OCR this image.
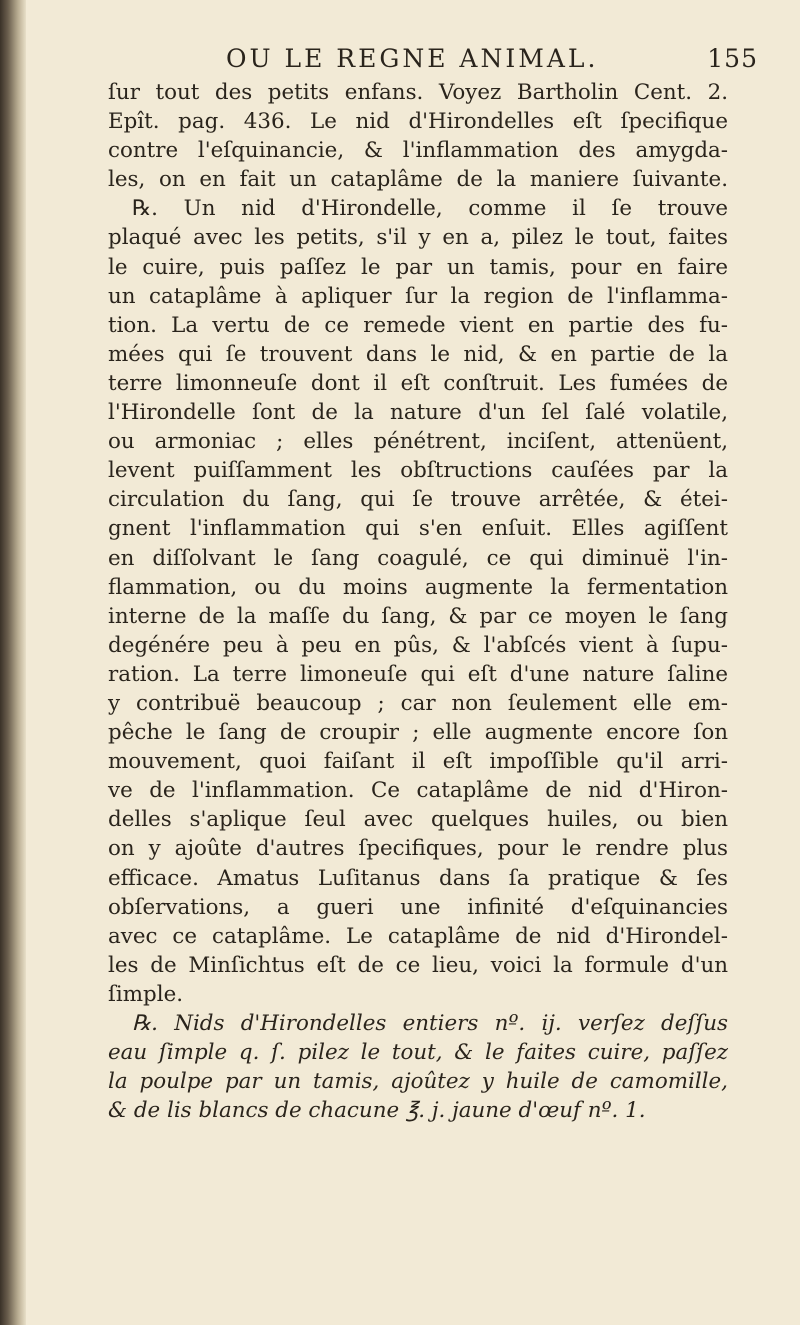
OU LE REGNE ANIMAL.	155
ſur tout des petits enfans. Voyez Bartholin Cent. 2.
Epît. pag. 436. Le nid d'Hirondelles eſt ſpecifique
contre l'eſquinancie, & l'inflammation des amygda-
les, on en fait un cataplâme de la maniere ſuivante.
℞. Un nid d'Hirondelle, comme il ſe trouve
plaqué avec les petits, s'il y en a, pilez le tout, faites
le cuire, puis paſſez le par un tamis, pour en faire
un cataplâme à apliquer ſur la region de l'inflamma-
tion. La vertu de ce remede vient en partie des fu-
mées qui ſe trouvent dans le nid, & en partie de la
terre limonneuſe dont il eſt conſtruit. Les fumées de
l'Hirondelle ſont de la nature d'un ſel ſalé volatile,
ou armoniac ; elles pénétrent, inciſent, attenüent,
levent puiſſamment les obſtructions cauſées par la
circulation du ſang, qui ſe trouve arrêtée, & étei-
gnent l'inflammation qui s'en enſuit. Elles agiſſent
en diſſolvant le ſang coagulé, ce qui diminuë l'in-
flammation, ou du moins augmente la fermentation
interne de la maſſe du ſang, & par ce moyen le ſang
degénére peu à peu en pûs, & l'abſcés vient à ſupu-
ration. La terre limoneuſe qui eſt d'une nature ſaline
y contribuë beaucoup ; car non ſeulement elle em-
pêche le ſang de croupir ; elle augmente encore ſon
mouvement, quoi faiſant il eſt impoſſible qu'il arri-
ve de l'inflammation. Ce cataplâme de nid d'Hiron-
delles s'aplique ſeul avec quelques huiles, ou bien
on y ajoûte d'autres ſpecifiques, pour le rendre plus
efficace. Amatus Luſitanus dans ſa pratique & ſes
obſervations, a gueri une infinité d'eſquinancies
avec ce cataplâme. Le cataplâme de nid d'Hirondel-
les de Minſichtus eſt de ce lieu, voici la formule d'un
ſimple.
℞. Nids d'Hirondelles entiers nº. ij. verſez deſſus
eau ſimple q. ſ. pilez le tout, & le faites cuire, paſſez
la poulpe par un tamis, ajoûtez y huile de camomille,
& de lis blancs de chacune ℥. j. jaune d'œuf nº. 1.
